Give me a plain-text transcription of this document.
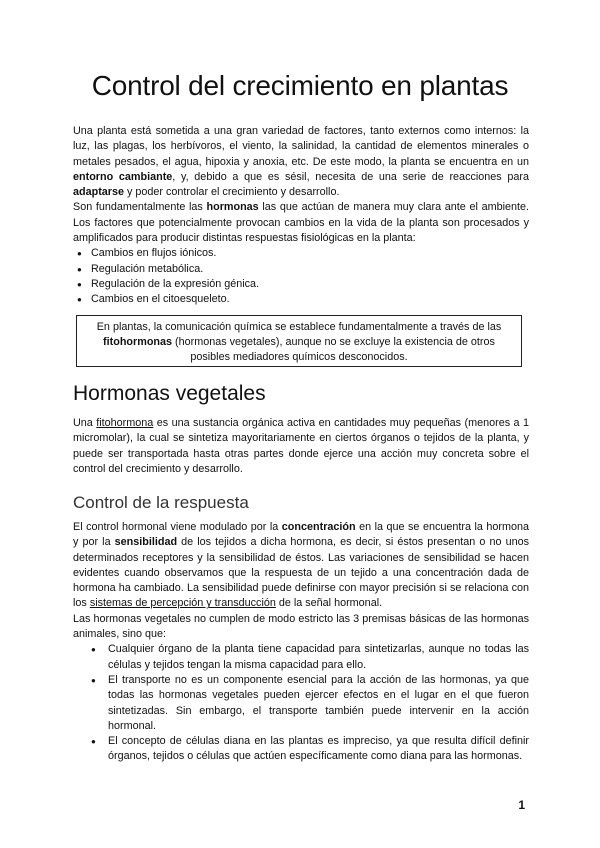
Control del crecimiento en plantas

Una planta está sometida a una gran variedad de factores, tanto externos como internos: la luz, las plagas, los herbívoros, el viento, la salinidad, la cantidad de elementos minerales o metales pesados, el agua, hipoxia y anoxia, etc. De este modo, la planta se encuentra en un entorno cambiante, y, debido a que es sésil, necesita de una serie de reacciones para adaptarse y poder controlar el crecimiento y desarrollo.

Son fundamentalmente las hormonas las que actúan de manera muy clara ante el ambiente. Los factores que potencialmente provocan cambios en la vida de la planta son procesados y amplificados para producir distintas respuestas fisiológicas en la planta:

● Cambios en flujos iónicos.
● Regulación metabólica.
● Regulación de la expresión génica.
● Cambios en el citoesqueleto.
En plantas, la comunicación química se establece fundamentalmente a través de las fitohormonas (hormonas vegetales), aunque no se excluye la existencia de otros posibles mediadores químicos desconocidos.
Hormonas vegetales

Una fitohormona es una sustancia orgánica activa en cantidades muy pequeñas (menores a 1 micromolar), la cual se sintetiza mayoritariamente en ciertos órganos o tejidos de la planta, y puede ser transportada hasta otras partes donde ejerce una acción muy concreta sobre el control del crecimiento y desarrollo.

Control de la respuesta

El control hormonal viene modulado por la concentración en la que se encuentra la hormona y por la sensibilidad de los tejidos a dicha hormona, es decir, si éstos presentan o no unos determinados receptores y la sensibilidad de éstos. Las variaciones de sensibilidad se hacen evidentes cuando observamos que la respuesta de un tejido a una concentración dada de hormona ha cambiado. La sensibilidad puede definirse con mayor precisión si se relaciona con los sistemas de percepción y transducción de la señal hormonal.

Las hormonas vegetales no cumplen de modo estricto las 3 premisas básicas de las hormonas animales, sino que:

● Cualquier órgano de la planta tiene capacidad para sintetizarlas, aunque no todas las células y tejidos tengan la misma capacidad para ello.
● El transporte no es un componente esencial para la acción de las hormonas, ya que todas las hormonas vegetales pueden ejercer efectos en el lugar en el que fueron sintetizadas. Sin embargo, el transporte también puede intervenir en la acción hormonal.
● El concepto de células diana en las plantas es impreciso, ya que resulta difícil definir órganos, tejidos o células que actúen específicamente como diana para las hormonas.
1
